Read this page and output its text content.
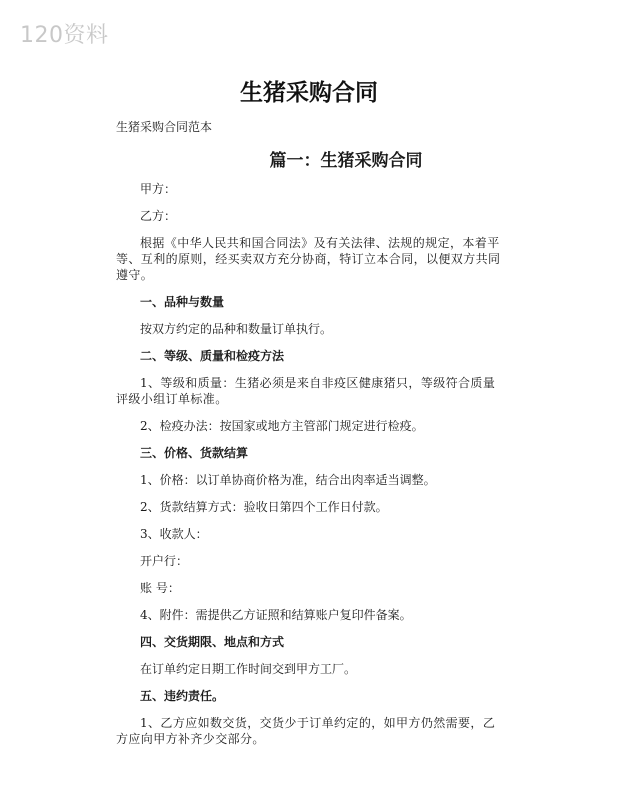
120资料
生猪采购合同
生猪采购合同范本
篇一：生猪采购合同

甲方：

乙方：

根据《中华人民共和国合同法》及有关法律、法规的规定，本着平等、互利的原则，经买卖双方充分协商，特订立本合同，以便双方共同遵守。

一、品种与数量

按双方约定的品种和数量订单执行。

二、等级、质量和检疫方法

1、等级和质量：生猪必须是来自非疫区健康猪只，等级符合质量评级小组订单标准。

2、检疫办法：按国家或地方主管部门规定进行检疫。

三、价格、货款结算

1、价格：以订单协商价格为准，结合出肉率适当调整。

2、货款结算方式：验收日第四个工作日付款。

3、收款人：

开户行：

账 号：

4、附件：需提供乙方证照和结算账户复印件备案。

四、交货期限、地点和方式

在订单约定日期工作时间交到甲方工厂。

五、违约责任。

1、乙方应如数交货，交货少于订单约定的，如甲方仍然需要，乙方应向甲方补齐少交部分。
